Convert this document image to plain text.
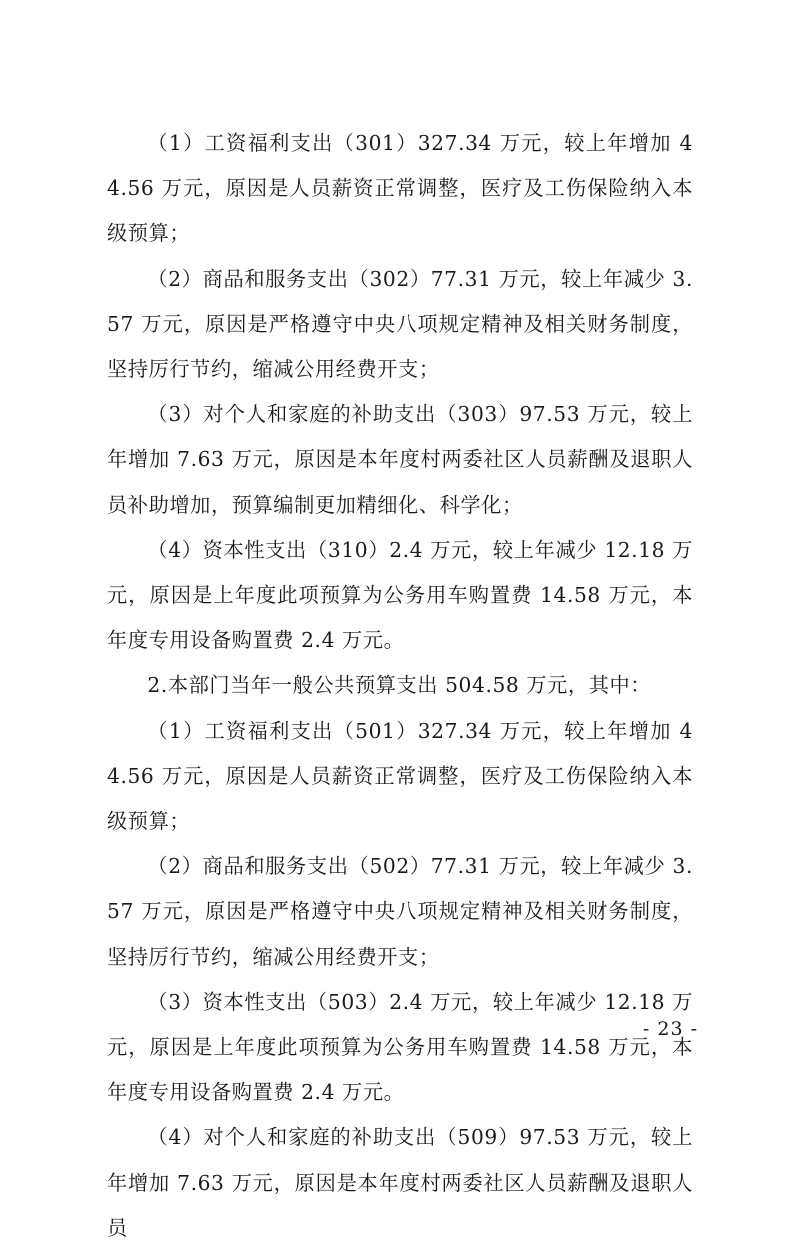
（1）工资福利支出（301）327.34 万元，较上年增加 44.56 万元，原因是人员薪资正常调整，医疗及工伤保险纳入本级预算；

（2）商品和服务支出（302）77.31 万元，较上年减少 3.57 万元，原因是严格遵守中央八项规定精神及相关财务制度，坚持厉行节约，缩减公用经费开支；

（3）对个人和家庭的补助支出（303）97.53 万元，较上年增加 7.63 万元，原因是本年度村两委社区人员薪酬及退职人员补助增加，预算编制更加精细化、科学化；

（4）资本性支出（310）2.4 万元，较上年减少 12.18 万元，原因是上年度此项预算为公务用车购置费 14.58 万元，本年度专用设备购置费 2.4 万元。

2.本部门当年一般公共预算支出 504.58 万元，其中：

（1）工资福利支出（501）327.34 万元，较上年增加 44.56 万元，原因是人员薪资正常调整，医疗及工伤保险纳入本级预算；

（2）商品和服务支出（502）77.31 万元，较上年减少 3.57 万元，原因是严格遵守中央八项规定精神及相关财务制度，坚持厉行节约，缩减公用经费开支；

（3）资本性支出（503）2.4 万元，较上年减少 12.18 万元，原因是上年度此项预算为公务用车购置费 14.58 万元，本年度专用设备购置费 2.4 万元。

（4）对个人和家庭的补助支出（509）97.53 万元，较上年增加 7.63 万元，原因是本年度村两委社区人员薪酬及退职人员

- 23 -
